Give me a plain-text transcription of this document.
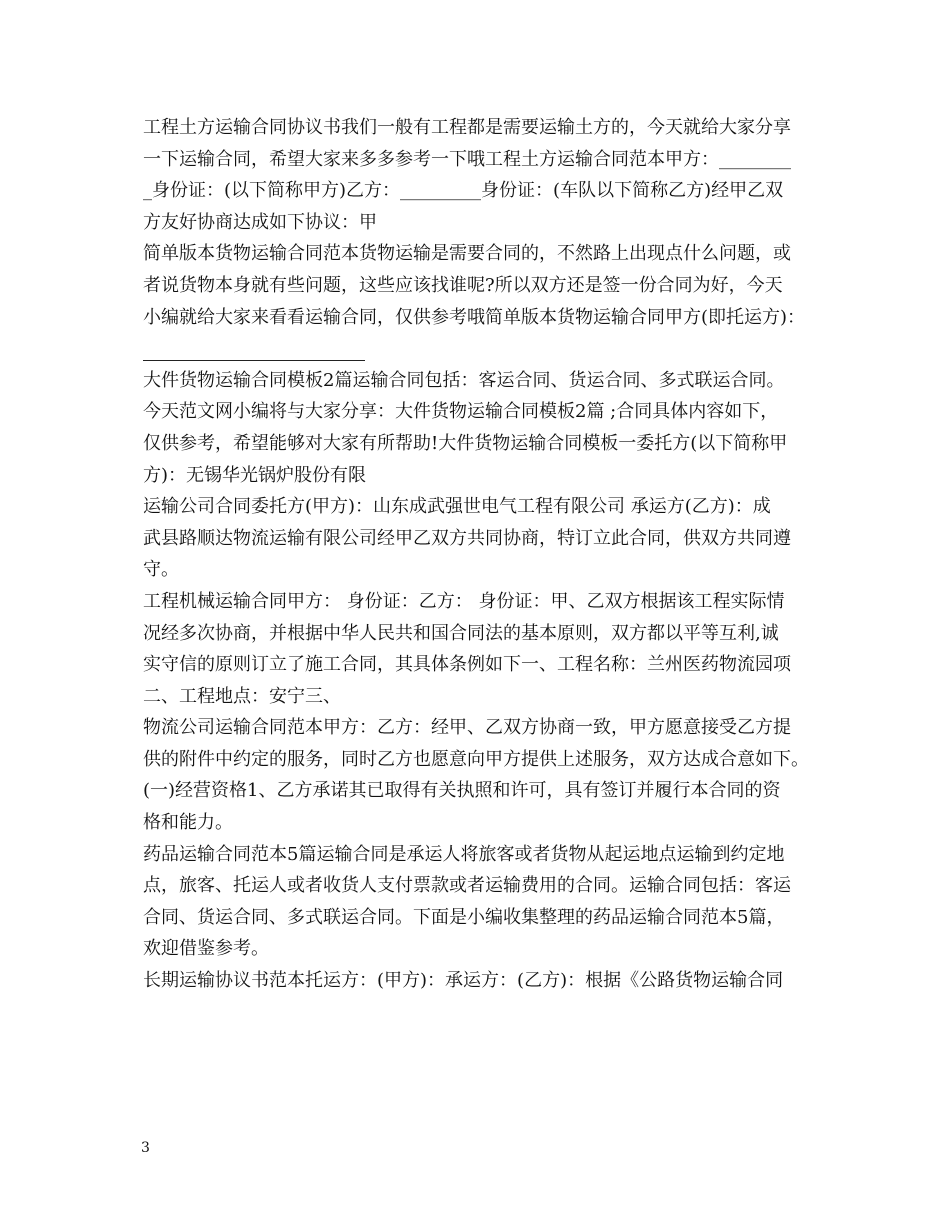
工程土方运输合同协议书我们一般有工程都是需要运输土方的，今天就给大家分享
一下运输合同，希望大家来多多参考一下哦工程土方运输合同范本甲方：________
_身份证：(以下简称甲方)乙方：_________身份证：(车队以下简称乙方)经甲乙双
方友好协商达成如下协议：甲

简单版本货物运输合同范本货物运输是需要合同的，不然路上出现点什么问题，或
者说货物本身就有些问题，这些应该找谁呢?所以双方还是签一份合同为好，今天
小编就给大家来看看运输合同，仅供参考哦简单版本货物运输合同甲方(即托运方)：

大件货物运输合同模板2篇运输合同包括：客运合同、货运合同、多式联运合同。
今天范文网小编将与大家分享：大件货物运输合同模板2篇 ;合同具体内容如下，
仅供参考，希望能够对大家有所帮助!大件货物运输合同模板一委托方(以下简称甲
方)：无锡华光锅炉股份有限

运输公司合同委托方(甲方)：山东成武强世电气工程有限公司 承运方(乙方)：成
武县路顺达物流运输有限公司经甲乙双方共同协商，特订立此合同，供双方共同遵
守。

工程机械运输合同甲方： 身份证：乙方： 身份证：甲、乙双方根据该工程实际情
况经多次协商，并根据中华人民共和国合同法的基本原则，双方都以平等互利,诚
实守信的原则订立了施工合同，其具体条例如下一、工程名称：兰州医药物流园项
二、工程地点：安宁三、

物流公司运输合同范本甲方：乙方：经甲、乙双方协商一致，甲方愿意接受乙方提
供的附件中约定的服务，同时乙方也愿意向甲方提供上述服务，双方达成合意如下。
(一)经营资格1、乙方承诺其已取得有关执照和许可，具有签订并履行本合同的资
格和能力。

药品运输合同范本5篇运输合同是承运人将旅客或者货物从起运地点运输到约定地
点，旅客、托运人或者收货人支付票款或者运输费用的合同。运输合同包括：客运
合同、货运合同、多式联运合同。下面是小编收集整理的药品运输合同范本5篇，
欢迎借鉴参考。

长期运输协议书范本托运方：(甲方)：承运方：(乙方)：根据《公路货物运输合同

3
